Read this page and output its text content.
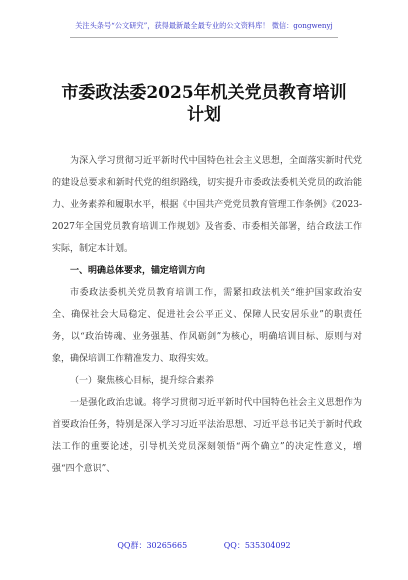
关注头条号“公文研究”，获得最新最全最专业的公文资料库！ 微信：gongwenyj
市委政法委2025年机关党员教育培训计划

为深入学习贯彻习近平新时代中国特色社会主义思想，全面落实新时代党的建设总要求和新时代党的组织路线，切实提升市委政法委机关党员的政治能力、业务素养和履职水平，根据《中国共产党党员教育管理工作条例》《2023-2027年全国党员教育培训工作规划》及省委、市委相关部署，结合政法工作实际，制定本计划。

一、明确总体要求，锚定培训方向

市委政法委机关党员教育培训工作，需紧扣政法机关“维护国家政治安全、确保社会大局稳定、促进社会公平正义、保障人民安居乐业”的职责任务，以“政治铸魂、业务强基、作风砺剑”为核心，明确培训目标、原则与对象，确保培训工作精准发力、取得实效。

（一）聚焦核心目标，提升综合素养

一是强化政治忠诚。将学习贯彻习近平新时代中国特色社会主义思想作为首要政治任务，特别是深入学习习近平法治思想、习近平总书记关于新时代政法工作的重要论述，引导机关党员深刻领悟“两个确立”的决定性意义，增强“四个意识”、

QQ群：30265665	QQ：535304092
